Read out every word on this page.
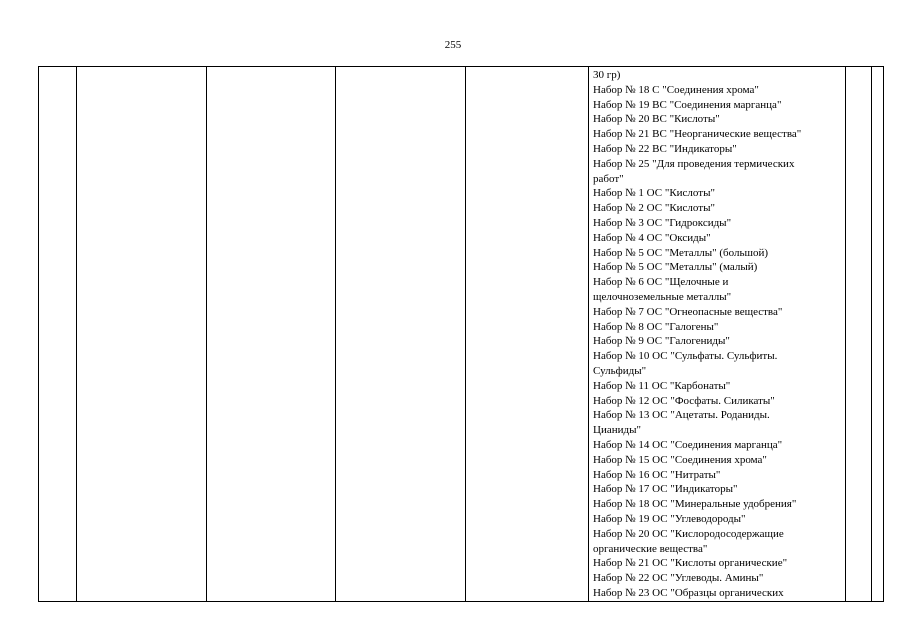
255

30 гр)
Набор № 18 С "Соединения хрома"
Набор № 19 ВС "Соединения марганца"
Набор № 20 ВС "Кислоты"
Набор № 21 ВС "Неорганические вещества"
Набор № 22 ВС "Индикаторы"
Набор № 25 "Для проведения термических
работ"
Набор № 1 ОС "Кислоты"
Набор № 2 ОС "Кислоты"
Набор № 3 ОС "Гидроксиды"
Набор № 4 ОС "Оксиды"
Набор № 5 ОС "Металлы" (большой)
Набор № 5 ОС "Металлы" (малый)
Набор № 6 ОС "Щелочные и
щелочноземельные металлы"
Набор № 7 ОС "Огнеопасные вещества"
Набор № 8 ОС "Галогены"
Набор № 9 ОС "Галогениды"
Набор № 10 ОС "Сульфаты. Сульфиты.
Сульфиды"
Набор № 11 ОС "Карбонаты"
Набор № 12 ОС "Фосфаты. Силикаты"
Набор № 13 ОС "Ацетаты. Роданиды.
Цианиды"
Набор № 14 ОС "Соединения марганца"
Набор № 15 ОС "Соединения хрома"
Набор № 16 ОС "Нитраты"
Набор № 17 ОС "Индикаторы"
Набор № 18 ОС "Минеральные удобрения"
Набор № 19 ОС "Углеводороды"
Набор № 20 ОС "Кислородосодержащие
органические вещества"
Набор № 21 ОС "Кислоты органические"
Набор № 22 ОС "Углеводы. Амины"
Набор № 23 ОС "Образцы органических
